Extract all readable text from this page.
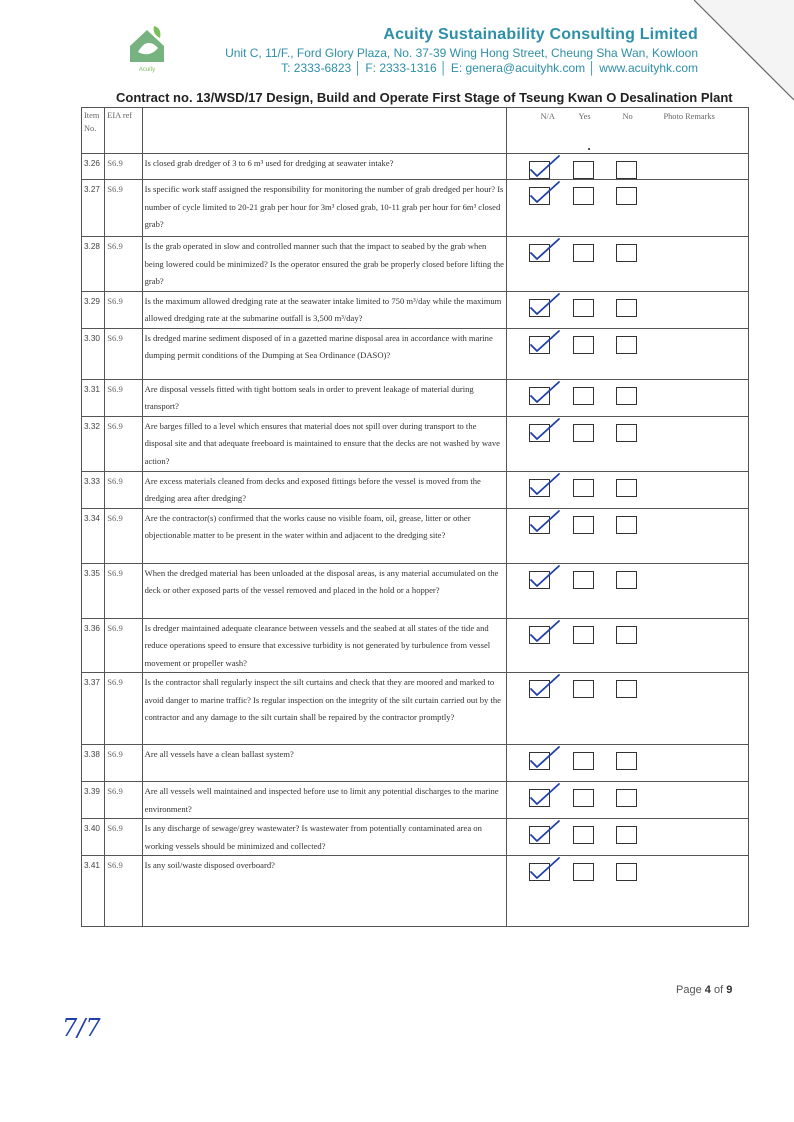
Acuity
Acuity Sustainability Consulting Limited
Unit C, 11/F., Ford Glory Plaza, No. 37-39 Wing Hong Street, Cheung Sha Wan, Kowloon
T: 2333-6823 │ F: 2333-1316 │ E: genera@acuityhk.com │ www.acuityhk.com
Contract no. 13/WSD/17 Design, Build and Operate First Stage of Tseung Kwan O Desalination Plant
Item No.	EIA ref		N/A Yes No Photo Remarks

3.26	S6.9	Is closed grab dredger of 3 to 6 m³ used for dredging at seawater intake?	

3.27	S6.9	Is specific work staff assigned the responsibility for monitoring the number of grab dredged per hour? Is number of cycle limited to 20-21 grab per hour for 3m³ closed grab, 10-11 grab per hour for 6m³ closed grab?	

3.28	S6.9	Is the grab operated in slow and controlled manner such that the impact to seabed by the grab when being lowered could be minimized? Is the operator ensured the grab be properly closed before lifting the grab?	

3.29	S6.9	Is the maximum allowed dredging rate at the seawater intake limited to 750 m³/day while the maximum allowed dredging rate at the submarine outfall is 3,500 m³/day?	

3.30	S6.9	Is dredged marine sediment disposed of in a gazetted marine disposal area in accordance with marine dumping permit conditions of the Dumping at Sea Ordinance (DASO)?	

3.31	S6.9	Are disposal vessels fitted with tight bottom seals in order to prevent leakage of material during transport?	

3.32	S6.9	Are barges filled to a level which ensures that material does not spill over during transport to the disposal site and that adequate freeboard is maintained to ensure that the decks are not washed by wave action?	

3.33	S6.9	Are excess materials cleaned from decks and exposed fittings before the vessel is moved from the dredging area after dredging?	

3.34	S6.9	Are the contractor(s) confirmed that the works cause no visible foam, oil, grease, litter or other objectionable matter to be present in the water within and adjacent to the dredging site?	

3.35	S6.9	When the dredged material has been unloaded at the disposal areas, is any material accumulated on the deck or other exposed parts of the vessel removed and placed in the hold or a hopper?	

3.36	S6.9	Is dredger maintained adequate clearance between vessels and the seabed at all states of the tide and reduce operations speed to ensure that excessive turbidity is not generated by turbulence from vessel movement or propeller wash?	

3.37	S6.9	Is the contractor shall regularly inspect the silt curtains and check that they are moored and marked to avoid danger to marine traffic? Is regular inspection on the integrity of the silt curtain carried out by the contractor and any damage to the silt curtain shall be repaired by the contractor promptly?	

3.38	S6.9	Are all vessels have a clean ballast system?	

3.39	S6.9	Are all vessels well maintained and inspected before use to limit any potential discharges to the marine environment?	

3.40	S6.9	Is any discharge of sewage/grey wastewater? Is wastewater from potentially contaminated area on working vessels should be minimized and collected?	

3.41	S6.9	Is any soil/waste disposed overboard?	
Page 4 of 9
7/7
